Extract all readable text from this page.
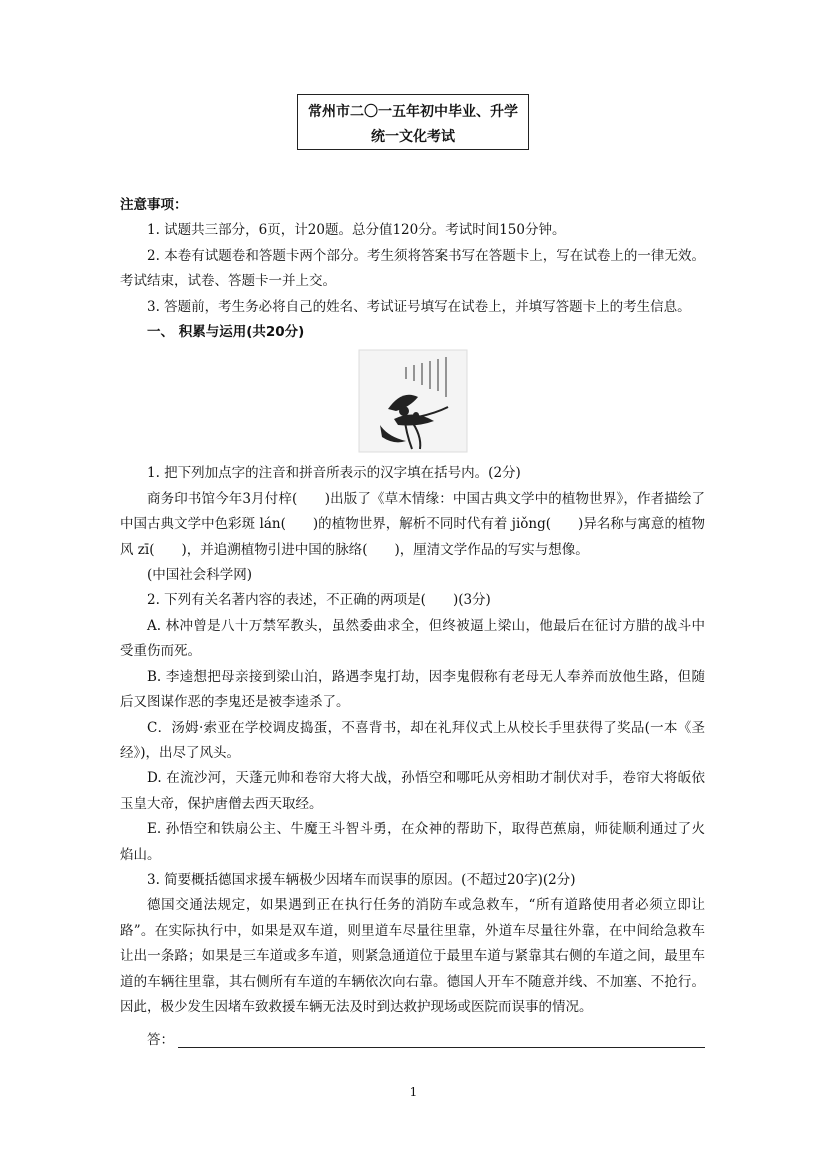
常州市二〇一五年初中毕业、升学
统一文化考试

注意事项：

1. 试题共三部分，6页，计20题。总分值120分。考试时间150分钟。

2. 本卷有试题卷和答题卡两个部分。考生须将答案书写在答题卡上，写在试卷上的一律无效。考试结束，试卷、答题卡一并上交。

3. 答题前，考生务必将自己的姓名、考试证号填写在试卷上，并填写答题卡上的考生信息。

一、 积累与运用(共20分)

1. 把下列加点字的注音和拼音所表示的汉字填在括号内。(2分)

商务印书馆今年3月付梓(　　)出版了《草木情缘：中国古典文学中的植物世界》，作者描绘了中国古典文学中色彩斑 lán(　　)的植物世界，解析不同时代有着 jiǒng(　　)异名称与寓意的植物风 zī(　　)，并追溯植物引进中国的脉络(　　)，厘清文学作品的写实与想像。

(中国社会科学网)

2. 下列有关名著内容的表述，不正确的两项是(　　)(3分)

A. 林冲曾是八十万禁军教头，虽然委曲求全，但终被逼上梁山，他最后在征讨方腊的战斗中受重伤而死。

B. 李逵想把母亲接到梁山泊，路遇李鬼打劫，因李鬼假称有老母无人奉养而放他生路，但随后又图谋作恶的李鬼还是被李逵杀了。

C．汤姆·索亚在学校调皮捣蛋，不喜背书，却在礼拜仪式上从校长手里获得了奖品(一本《圣经》)，出尽了风头。

D. 在流沙河，天蓬元帅和卷帘大将大战，孙悟空和哪吒从旁相助才制伏对手，卷帘大将皈依玉皇大帝，保护唐僧去西天取经。

E. 孙悟空和铁扇公主、牛魔王斗智斗勇，在众神的帮助下，取得芭蕉扇，师徒顺利通过了火焰山。

3. 简要概括德国求援车辆极少因堵车而误事的原因。(不超过20字)(2分)

德国交通法规定，如果遇到正在执行任务的消防车或急救车，“所有道路使用者必须立即让路”。在实际执行中，如果是双车道，则里道车尽量往里靠，外道车尽量往外靠，在中间给急救车让出一条路；如果是三车道或多车道，则紧急通道位于最里车道与紧靠其右侧的车道之间，最里车道的车辆往里靠，其右侧所有车道的车辆依次向右靠。德国人开车不随意并线、不加塞、不抢行。因此，极少发生因堵车致救援车辆无法及时到达救护现场或医院而误事的情况。

答：
1
